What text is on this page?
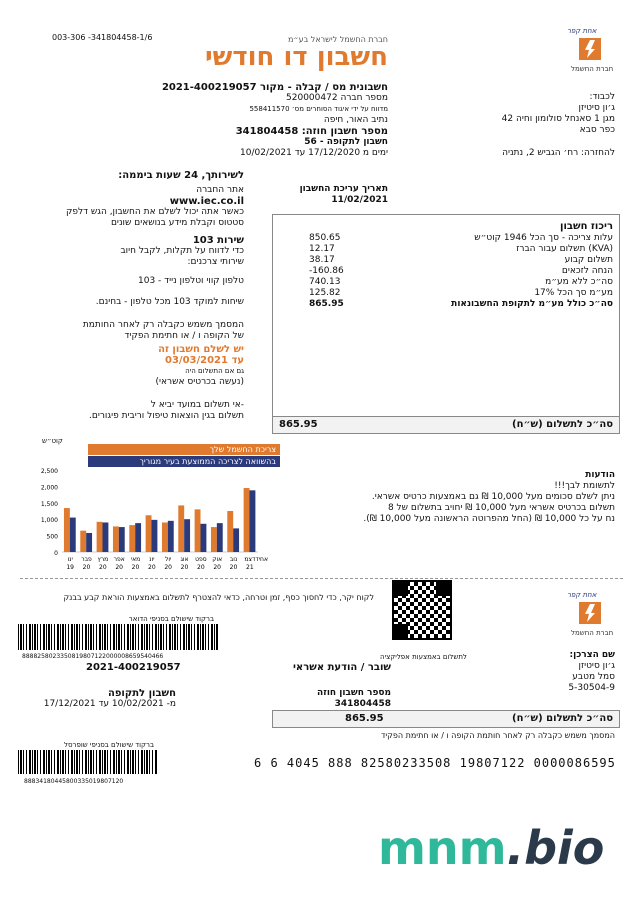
003-306 -341804458-1/6	חברת החשמל לישראל בע״מ
חשבון דו חודשי
אחת קפר
חברת החשמל
חשבונית מס / קבלה - מקור 2021-400219057
מספר חברה 520000472
מדווח על ידי איגוד הסוחרים מס׳ 558411570
נתיב האור, חיפה
מספר חשבון חוזה: 341804458
חשבון לתקופה - 56
ימים מ 17/12/2020 עד 10/02/2021
לכבוד:
ג׳ון סיטיזן
מגן 1 סאנחל סולומון וחיה 42
כפר סבא
להחזרה: רח׳ הגביש 2, נתניה
לשירותך, 24 שעות ביממה:
אתר החברה
www.iec.co.il
כאשר אתה יכול לשלם את החשבון, הגש דלפק
סטטוס וקבלת מידע בנושאים שונים
שירות 103
כדי לדווח על תקלות, לקבל חיוב
שירותי צרכנים:
טלפון קווי וטלפון נייד - 103
שיחות למוקד 103 מכל טלפון - בחינם.
המסמך משמש כקבלה רק לאחר החותמת
של הקופה ו / או חתימת הפקיד
יש לשלם חשבון זה
עד 03/03/2021
גם אם התשלום היה
(נעשה בכרטיס אשראי)
-אי תשלום במועד יביא ל
תשלום בגין הוצאות טיפול וריבית פיגורים.
תאריך עריכת החשבון
11/02/2021
ריכוז חשבון
850.65	עלות צריכה - סך הכל 1946 קוט״ש
12.17	(KVA) תשלום עבור הברז
38.17	תשלום קבוע
-160.86	הנחה לזכאים
740.13	סה״כ ללא מע״מ
125.82	מע״מ סך הכל 17%
865.95	סה״כ כולל מע״מ לתקופת החשבונאות
865.95	סה״כ לתשלום (ש״ח)
קוט״ש
צריכת החשמל שלך
בהשוואה לצריכה הממוצעת בעיר מגוריך
2,500
2,000
1,500
1,000
500
0
ינו
19
פבר
20
מרץ
20
אפר
20
מאי
20
יונ
20
יול
20
אוג
20
ספט
20
אוק
20
נוב
20
דצמ
21
אחיד
הודעות
לתשומת לבך!!!
ניתן לשלם סכומים מעל 10,000 ₪ גם באמצעות כרטיס אשראי.
תשלום בכרטיס אשראי מעל 10,000 ₪ יחויב בתשלום של 8
נח על כל 10,000 ₪ (החל מהפרוטה הראשונה מעל 10,000 ₪).
לקוח יקר, כדי לחסוך כסף, זמן וטרחה, כדאי להצטרף לתשלום באמצעות הוראת קבע בבנק
ברקוד שישולם בסניפי הדואר
8888258023350819807122000008659540466
2021-400219057
לתשלום באמצעות אפליקציה
אחת קפר
חברת החשמל
שם הצרכן:
ג׳ון סיטיזן
סמל מטבע
5-30504-9
שובר / הודעת אשראי
מספר חשבון חוזה
341804458
חשבון לתקופה
מ- 10/02/2021 עד 17/12/2021
865.95	סה״כ לתשלום (ש״ח)
המסמך משמש כקבלה רק לאחר חותמת הקופה ו / או חתימת הפקיד
ברקוד שישולם בסניפי שופרסל
88834180445800335019807120
6 6 4045 888 82580233508 19807122 0000086595
mnm.bio
